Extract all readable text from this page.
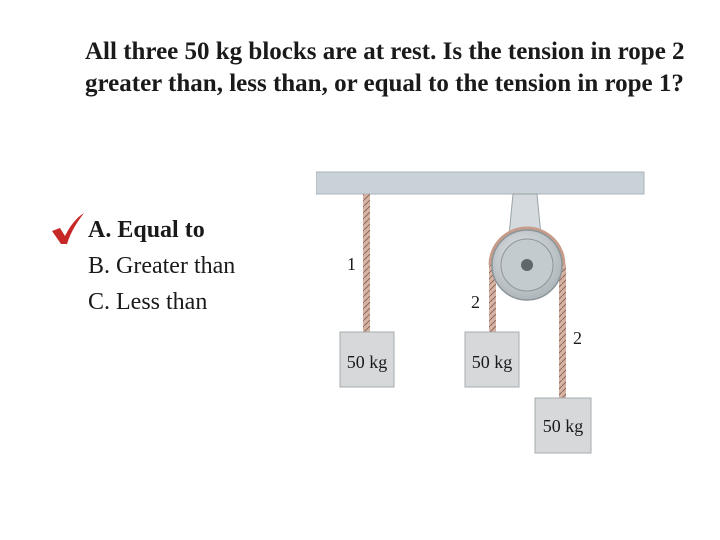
All three 50 kg blocks are at rest. Is the tension in rope 2 greater than, less than, or equal to the tension in rope 1?
A. Equal to
B. Greater than
C. Less than
50 kg	50 kg
50 kg
1
2
2
